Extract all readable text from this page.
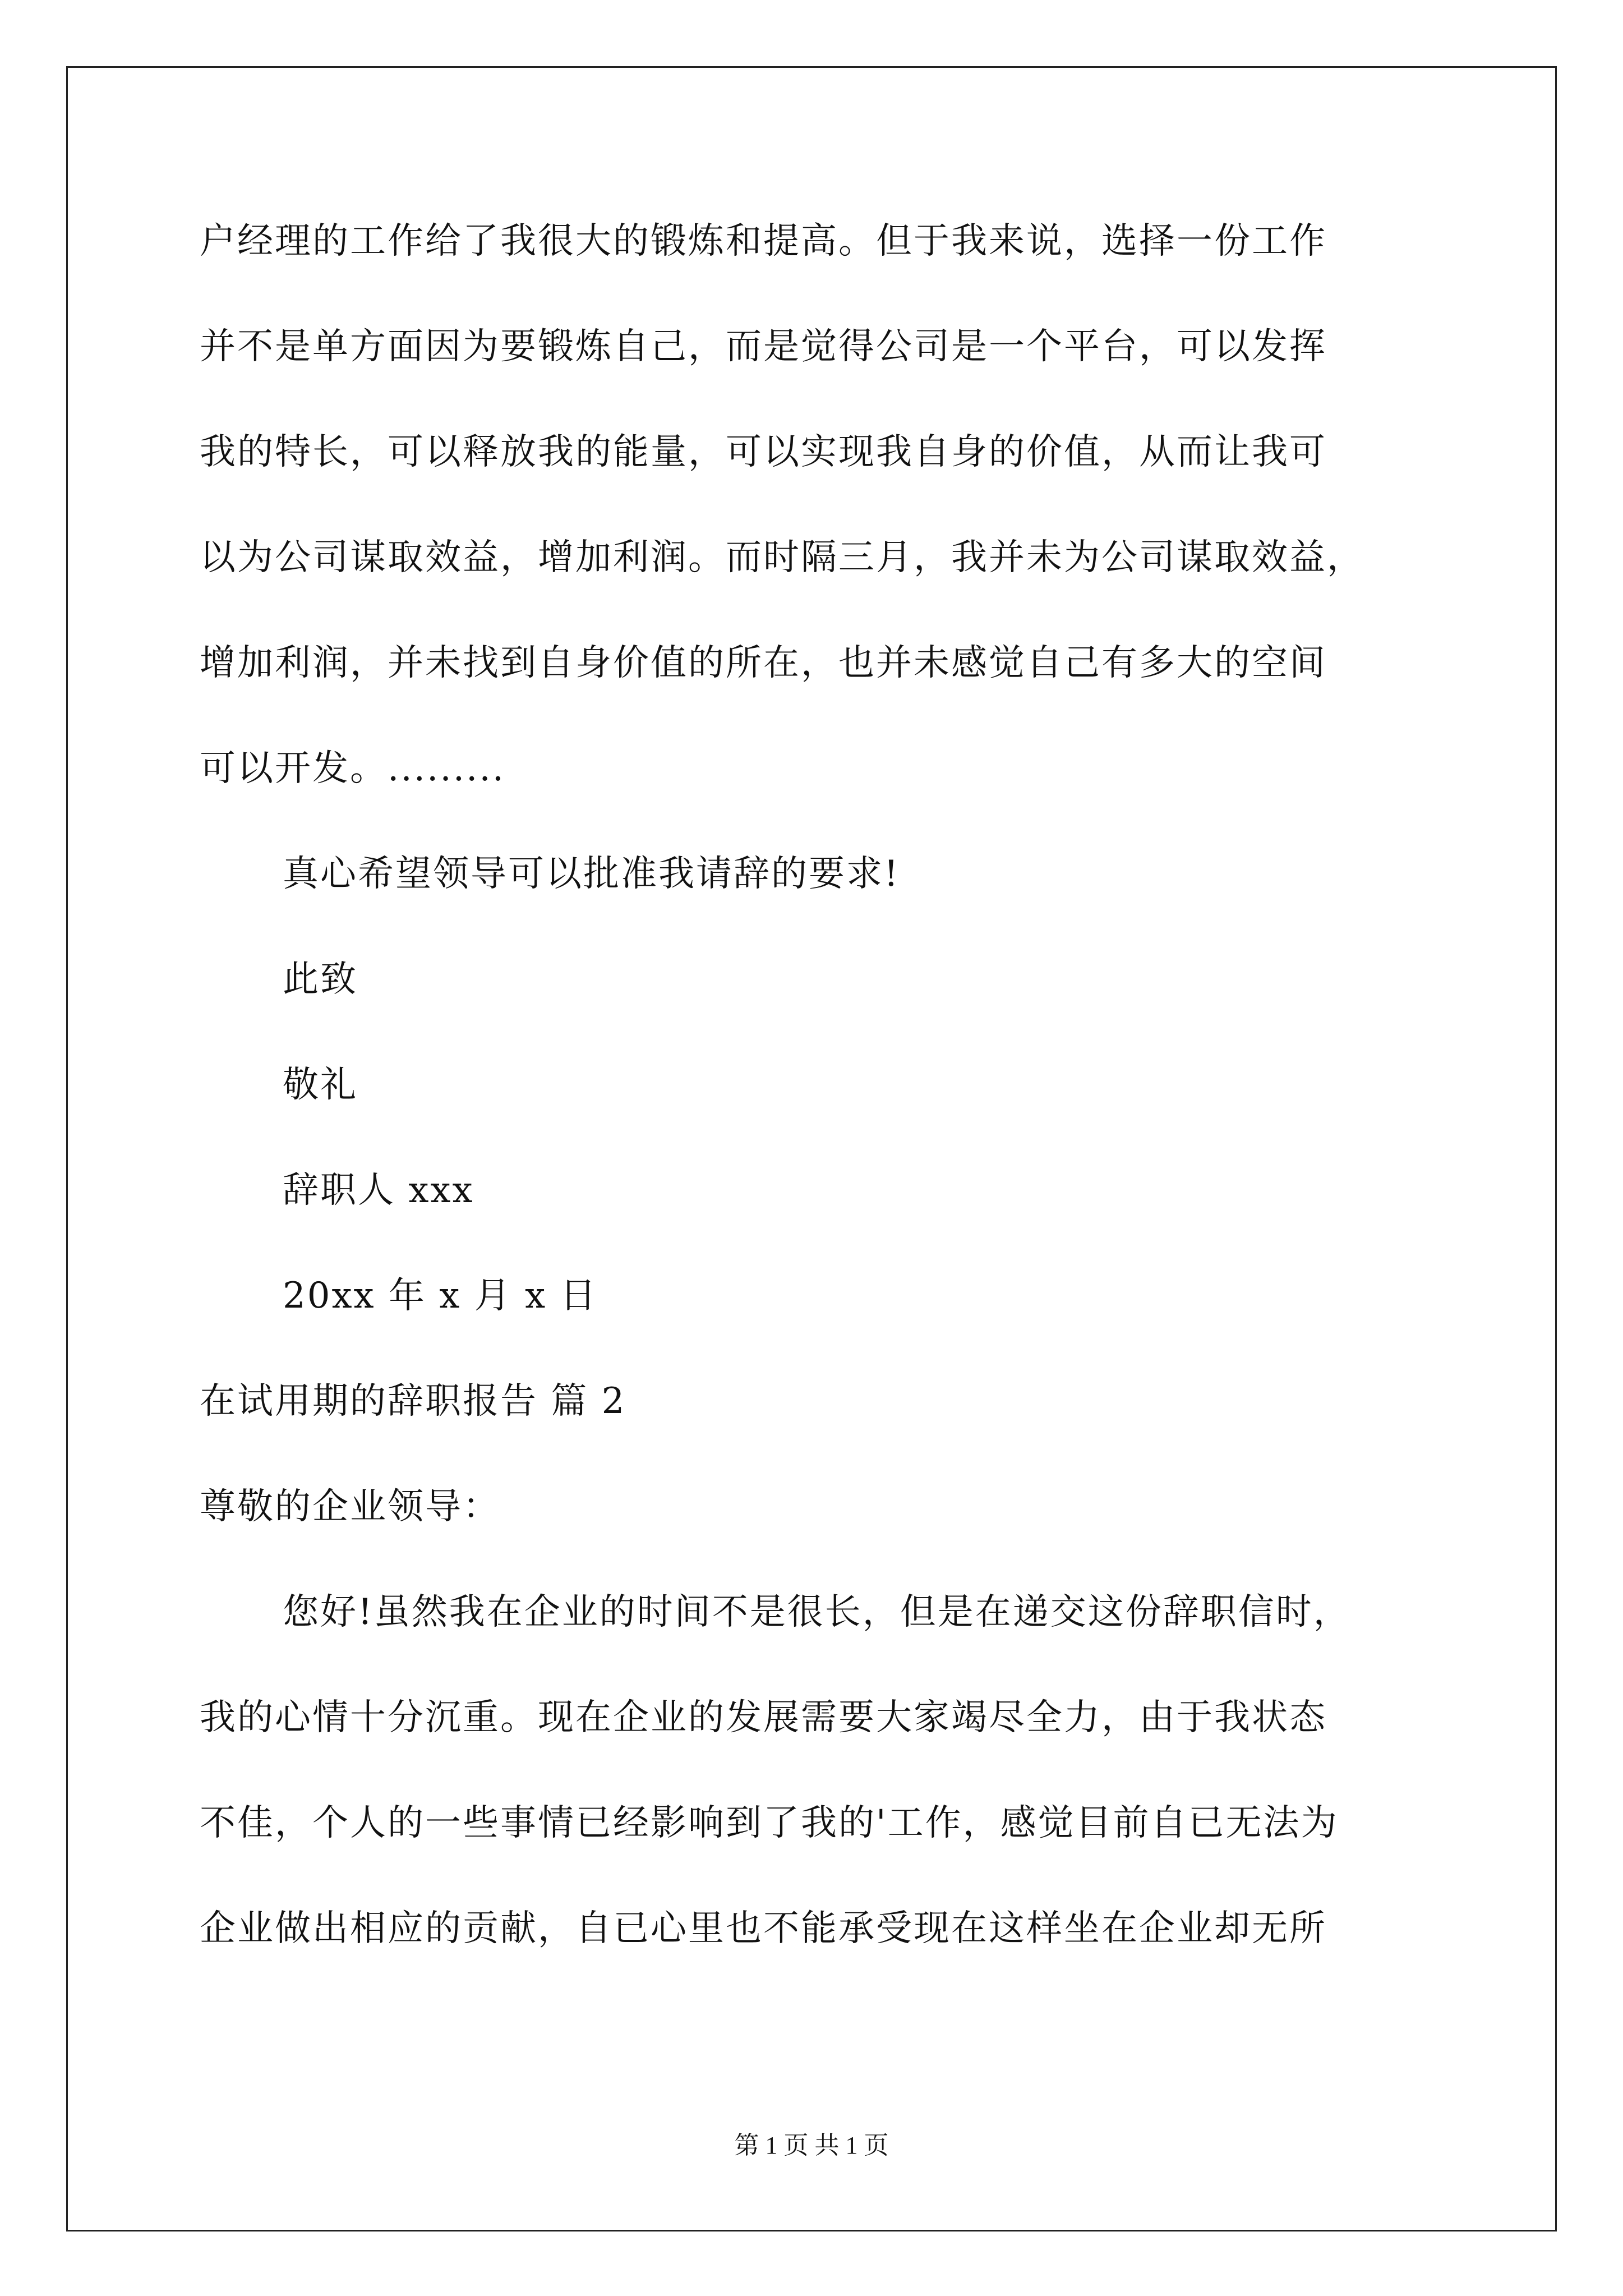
户经理的工作给了我很大的锻炼和提高。但于我来说，选择一份工作
并不是单方面因为要锻炼自己，而是觉得公司是一个平台，可以发挥
我的特长，可以释放我的能量，可以实现我自身的价值，从而让我可
以为公司谋取效益，增加利润。而时隔三月，我并未为公司谋取效益，
增加利润，并未找到自身价值的所在，也并未感觉自己有多大的空间
可以开发。.........
真心希望领导可以批准我请辞的要求!
此致
敬礼
辞职人 xxx
20xx 年 x 月 x 日
在试用期的辞职报告 篇 2
尊敬的企业领导：
您好!虽然我在企业的时间不是很长，但是在递交这份辞职信时，
我的心情十分沉重。现在企业的发展需要大家竭尽全力，由于我状态
不佳，个人的一些事情已经影响到了我的'工作，感觉目前自已无法为
企业做出相应的贡献，自已心里也不能承受现在这样坐在企业却无所
第 1 页 共 1 页
